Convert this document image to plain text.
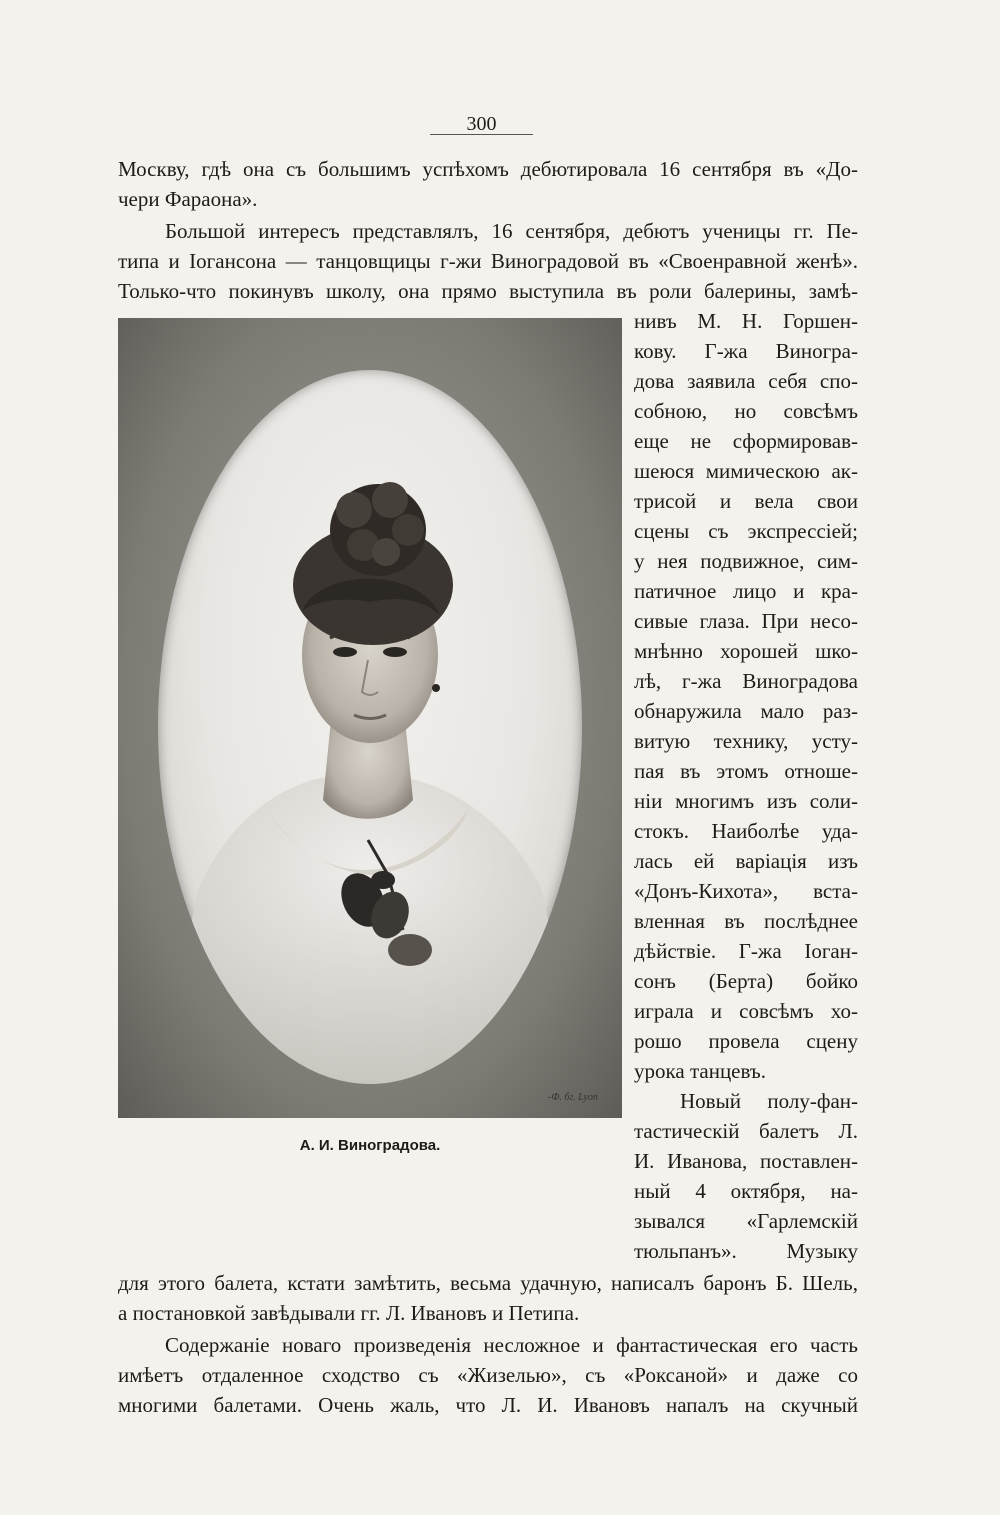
300
Москву, гдѣ она съ большимъ успѣхомъ дебютировала 16 сентября въ «До-
чери Фараона».
Большой интересъ представлялъ, 16 сентября, дебютъ ученицы гг. Пе-
типа и Іогансона — танцовщицы г-жи Виноградовой въ «Своенравной женѣ».
Только-что покинувъ школу, она прямо выступила въ роли балерины, замѣ-
нивъ М. Н. Горшен-
кову. Г-жа Виногра-
дова заявила себя спо-
собною, но совсѣмъ
еще не сформировав-
шеюся мимическою ак-
трисой и вела свои
сцены съ экспрессіей;
у нея подвижное, сим-
патичное лицо и кра-
сивые глаза. При несо-
мнѣнно хорошей шко-
лѣ, г-жа Виноградова
обнаружила мало раз-
витую технику, усту-
пая въ этомъ отноше-
ніи многимъ изъ соли-
стокъ. Наиболѣе уда-
лась ей варіація изъ
«Донъ-Кихота», вста-
вленная въ послѣднее
дѣйствіе. Г-жа Іоган-
сонъ (Берта) бойко
играла и совсѣмъ хо-
рошо провела сцену
урока танцевъ.
Новый полу-фан-
тастическій балетъ Л.
И. Иванова, поставлен-
ный 4 октября, на-
зывался «Гарлемскій
тюльпанъ». Музыку
для этого балета, кстати замѣтить, весьма удачную, написалъ баронъ Б. Шель,
а постановкой завѣдывали гг. Л. Ивановъ и Петипа.
Содержаніе новаго произведенія несложное и фантастическая его часть
имѣетъ отдаленное сходство съ «Жизелью», съ «Роксаной» и даже со
многими балетами. Очень жаль, что Л. И. Ивановъ напалъ на скучный
-Ф. бг. Lyon
А. И. Виноградова.
